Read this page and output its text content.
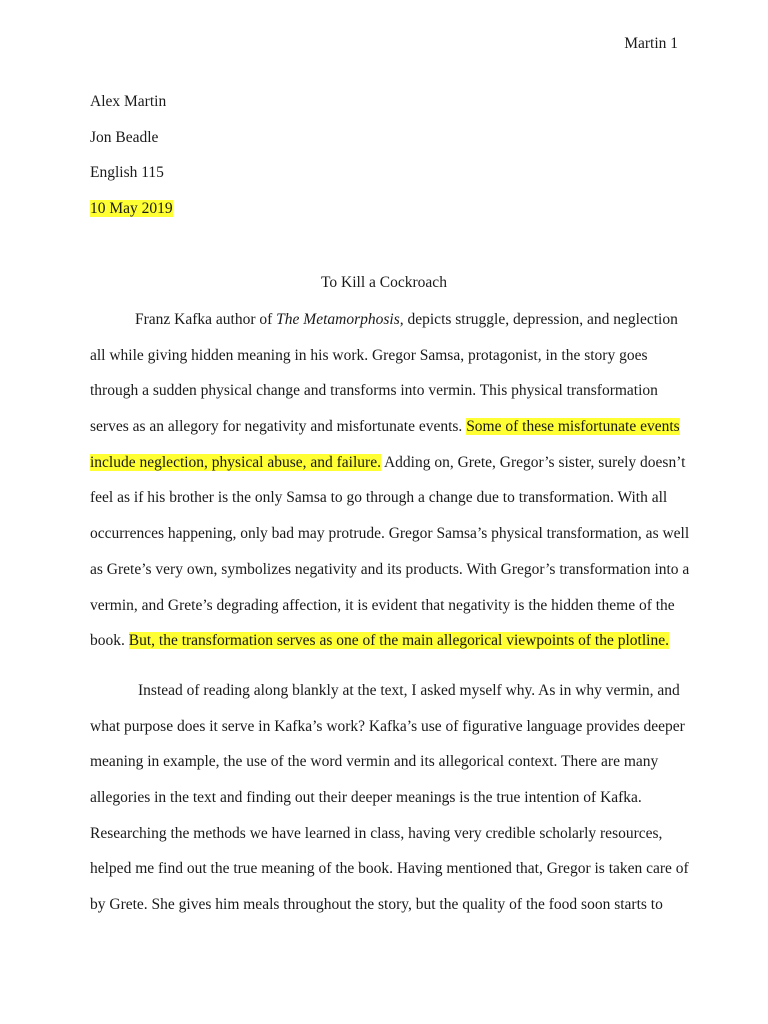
Martin 1
Alex Martin
Jon Beadle
English 115
10 May 2019
To Kill a Cockroach
Franz Kafka author of The Metamorphosis, depicts struggle, depression, and neglection
all while giving hidden meaning in his work. Gregor Samsa, protagonist, in the story goes
through a sudden physical change and transforms into vermin. This physical transformation
serves as an allegory for negativity and misfortunate events. Some of these misfortunate events
include neglection, physical abuse, and failure. Adding on, Grete, Gregor’s sister, surely doesn’t
feel as if his brother is the only Samsa to go through a change due to transformation. With all
occurrences happening, only bad may protrude. Gregor Samsa’s physical transformation, as well
as Grete’s very own, symbolizes negativity and its products. With Gregor’s transformation into a
vermin, and Grete’s degrading affection, it is evident that negativity is the hidden theme of the
book. But, the transformation serves as one of the main allegorical viewpoints of the plotline.
Instead of reading along blankly at the text, I asked myself why. As in why vermin, and
what purpose does it serve in Kafka’s work? Kafka’s use of figurative language provides deeper
meaning in example, the use of the word vermin and its allegorical context. There are many
allegories in the text and finding out their deeper meanings is the true intention of Kafka.
Researching the methods we have learned in class, having very credible scholarly resources,
helped me find out the true meaning of the book. Having mentioned that, Gregor is taken care of
by Grete. She gives him meals throughout the story, but the quality of the food soon starts to
